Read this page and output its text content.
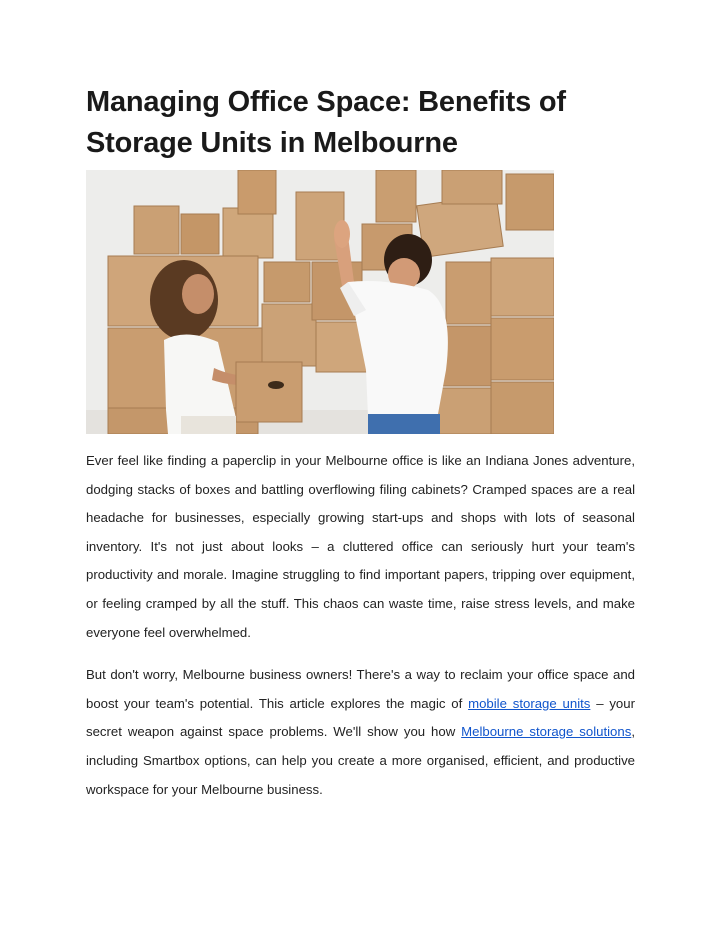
Managing Office Space: Benefits of Storage Units in Melbourne

Ever feel like finding a paperclip in your Melbourne office is like an Indiana Jones adventure, dodging stacks of boxes and battling overflowing filing cabinets? Cramped spaces are a real headache for businesses, especially growing start-ups and shops with lots of seasonal inventory. It's not just about looks – a cluttered office can seriously hurt your team's productivity and morale. Imagine struggling to find important papers, tripping over equipment, or feeling cramped by all the stuff. This chaos can waste time, raise stress levels, and make everyone feel overwhelmed.

But don't worry, Melbourne business owners! There's a way to reclaim your office space and boost your team's potential. This article explores the magic of mobile storage units – your secret weapon against space problems. We'll show you how Melbourne storage solutions, including Smartbox options, can help you create a more organised, efficient, and productive workspace for your Melbourne business.
